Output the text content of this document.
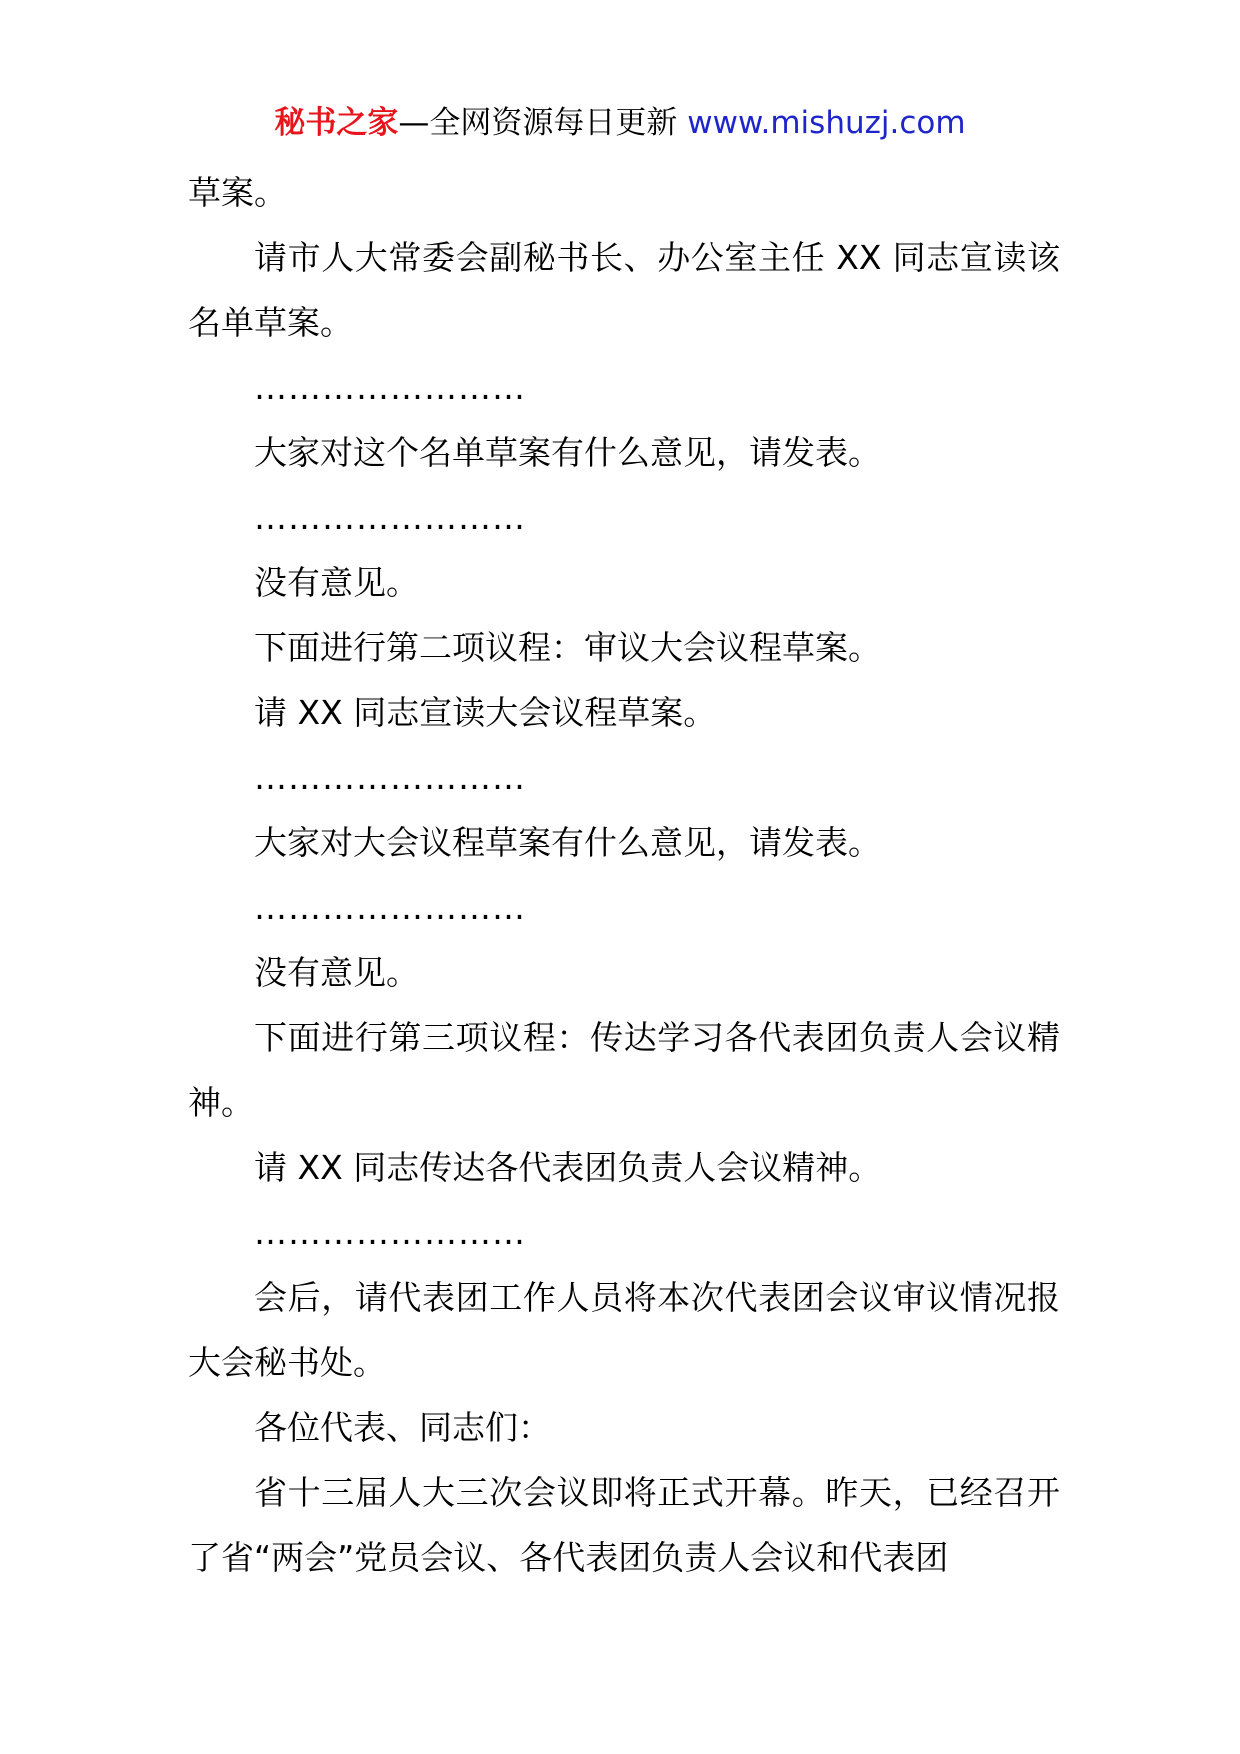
秘书之家—全网资源每日更新 www.mishuzj.com

草案。

请市人大常委会副秘书长、办公室主任 XX 同志宣读该名单草案。

……………………

大家对这个名单草案有什么意见，请发表。

……………………

没有意见。

下面进行第二项议程：审议大会议程草案。

请 XX 同志宣读大会议程草案。

……………………

大家对大会议程草案有什么意见，请发表。

……………………

没有意见。

下面进行第三项议程：传达学习各代表团负责人会议精神。

请 XX 同志传达各代表团负责人会议精神。

……………………

会后，请代表团工作人员将本次代表团会议审议情况报大会秘书处。

各位代表、同志们：

省十三届人大三次会议即将正式开幕。昨天，已经召开了省“两会”党员会议、各代表团负责人会议和代表团
